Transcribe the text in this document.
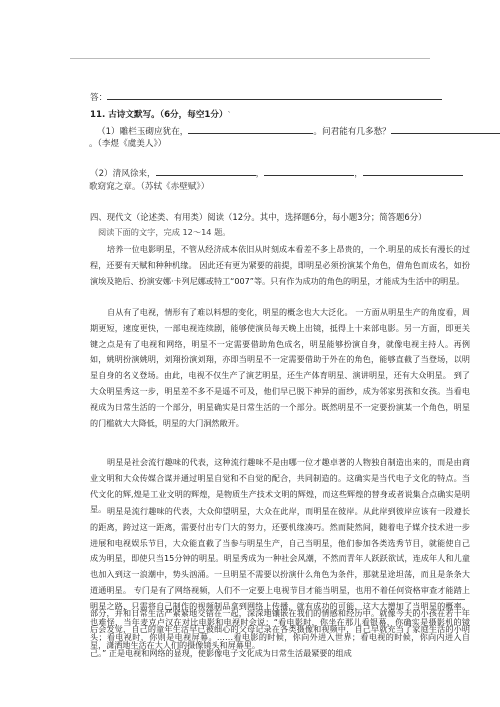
答：
11. 古诗文默写。（6分，每空1分）`
（1）雕栏玉砌应犹在，	。问君能有几多愁？
。（李煜《虞美人》）
（2）清风徐来，	，	，
歌窈窕之章。（苏轼《赤壁赋》）
四、现代文（论述类、有用类）阅读（12分。其中，选择题6分，每小题3分；简答题6分）
阅读下面的文字，完成 12～14 题。

培养一位电影明星，不管从经济成本依旧从时刻成本看差不多上昂贵的，一个.明星的成长有漫长的过程，还要有天赋和种种机缘。 因此还有更为紧要的前提，即明星必须扮演某个角色，借角色而成名，如扮演埃及艳后、扮演安娜·卡列尼娜或特工“007”等。只有作为成功的角色的明星，才能成为生活中的明星。

自从有了电视，情形有了难以料想的变化，明星的概念也大大泛化。 一方面从明星生产的角度看，周期更短，速度更快，一部电视连续剧，能够使演员每天晚上出镜，抵得上十来部电影。另一方面，即更关键之点是有了电视和网络，明星不一定需要借助角色成名，明星能够扮演自身，就像电视主持人。再例如，姚明扮演姚明，刘翔扮演刘翔，亦即当明星不一定需要借助于外在的角色，能够直截了当登场，以明星自身的名义登场。由此，电视不仅生产了演艺明星，还生产体育明星、演讲明星，还有大众明星。 到了大众明星秀这一步，明星差不多不是遥不可及，他们早已脱下神异的面纱，成为邻家男孩和女孩。当看电视成为日常生活的一个部分，明星确实是日常生活的一个部分。既然明星不一定要扮演某一个角色，明星的门槛就大大降低，明星的大门洞然敞开。

明星是社会流行趣味的代表，这种流行趣味不是由哪一位才趣卓著的人物独自制造出来的，而是由商业文明和大众传媒合谋并通过明星自觉和不自觉的配合，共同制造的。这确实是当代电子文化的特点。当代文化的辉,煌是工业文明的辉煌，是物质生产技术文明的辉煌，而这些辉煌的替身或者说集合点确实是明星。 明星是流行趣味的代表，大众仰望明星，大众在此岸，而明星在彼岸。从此岸到彼岸应该有一段遵长的距离，跨过这一距离，需要付出专门大的努力，还要机缘凑巧。然而陡然间，随着电子媒介技术进一步进展和电视娱乐节目，大众能直截了当参与明星生产，自己当明星，他们参加各类选秀节目，就能使自己成为明星，即使只当15分钟的明星。明星秀成为一种社会风潮，不然而青年人跃跃欲试，连成年人和儿童也加入到这一浪潮中，势头汹涌。一旦明星不需要以扮演什么角色为条件，那就星途坦荡，而且是条条大道通明星。 专门是有了网络视频，人们不一定要上电视节目才能当明星，也用不着任何资格审查才能踏上明星之路，只需将自己制作的视频制品拿到网络上传播，就有成功的可能，这大大增加了当明星的概率。也难怪，当年麦克卢汉在对比电影和电视时会说：“看电影时，你坐在那儿看银幕，你确实是摄影机的镜头；看电视时，你则是电视屏幕。……看电影的时候，你向外进入世界；看电视的时候，你向内进入自己。” 正是电视和网络的显现，使影像电子文化成为日常生活最紧要的组成

部分，并和日常生活严紧紧地交错在一起，深深地镶嵌在我们的情感和经历中。就像今天的小孩在若干年后会发觉，自己的童年生活早已被细心的父母记录在各类摄像和视频中，自己早就充当了家庭生活的小明星，潇洒地生活在大人们的摄像镜头和屏幕里。
